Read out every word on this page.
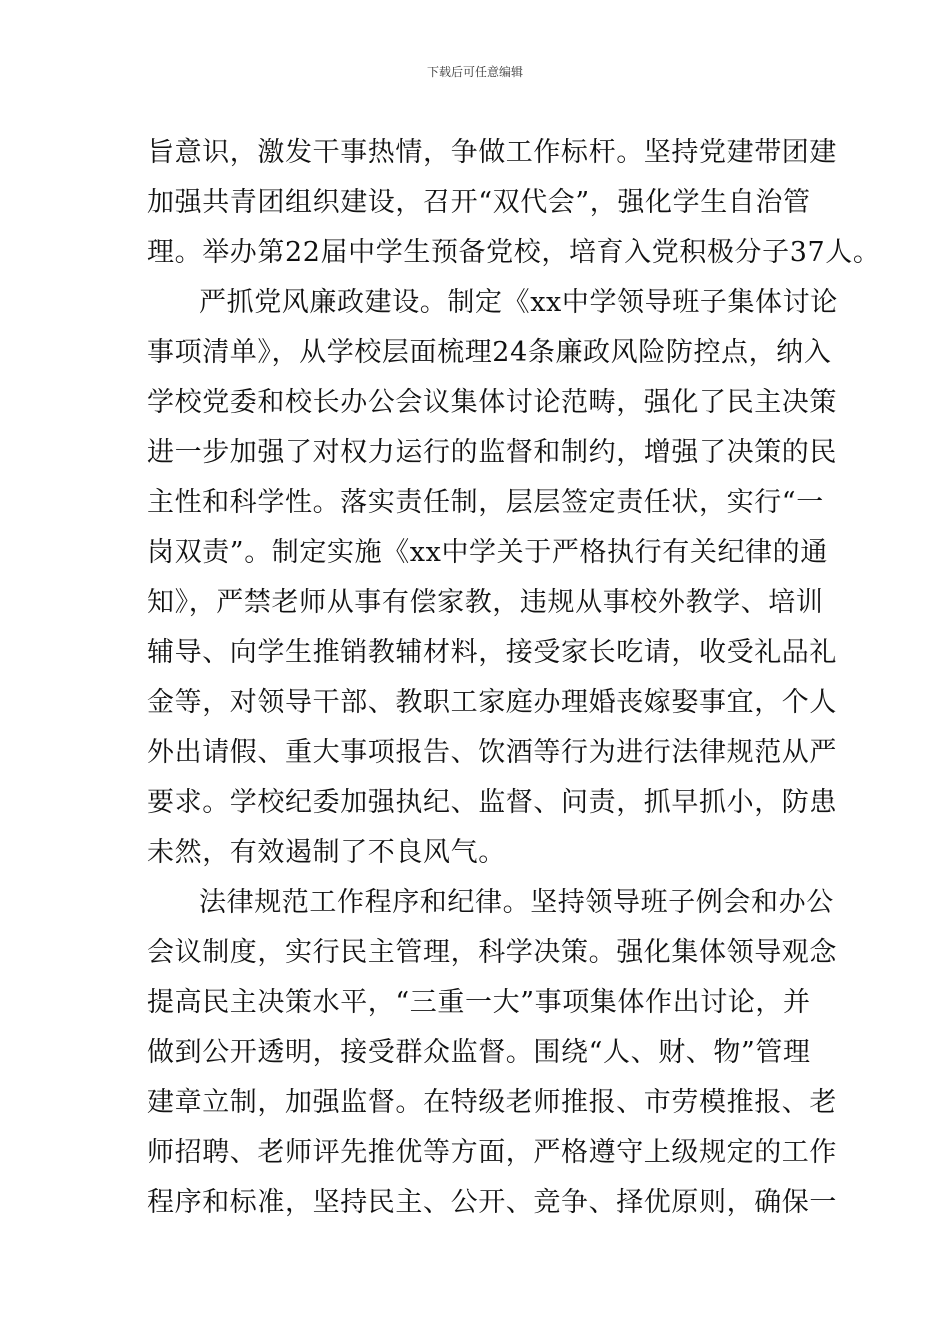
下载后可任意编辑
旨意识，激发干事热情，争做工作标杆。坚持党建带团建
加强共青团组织建设，召开“双代会”，强化学生自治管
理。举办第22届中学生预备党校，培育入党积极分子37人。
严抓党风廉政建设。制定《xx中学领导班子集体讨论
事项清单》，从学校层面梳理24条廉政风险防控点，纳入
学校党委和校长办公会议集体讨论范畴，强化了民主决策
进一步加强了对权力运行的监督和制约，增强了决策的民
主性和科学性。落实责任制，层层签定责任状，实行“一
岗双责”。制定实施《xx中学关于严格执行有关纪律的通
知》，严禁老师从事有偿家教，违规从事校外教学、培训
辅导、向学生推销教辅材料，接受家长吃请，收受礼品礼
金等，对领导干部、教职工家庭办理婚丧嫁娶事宜，个人
外出请假、重大事项报告、饮酒等行为进行法律规范从严
要求。学校纪委加强执纪、监督、问责，抓早抓小，防患
未然，有效遏制了不良风气。
法律规范工作程序和纪律。坚持领导班子例会和办公
会议制度，实行民主管理，科学决策。强化集体领导观念
提高民主决策水平，“三重一大”事项集体作出讨论，并
做到公开透明，接受群众监督。围绕“人、财、物”管理
建章立制，加强监督。在特级老师推报、市劳模推报、老
师招聘、老师评先推优等方面，严格遵守上级规定的工作
程序和标准，坚持民主、公开、竞争、择优原则，确保一
